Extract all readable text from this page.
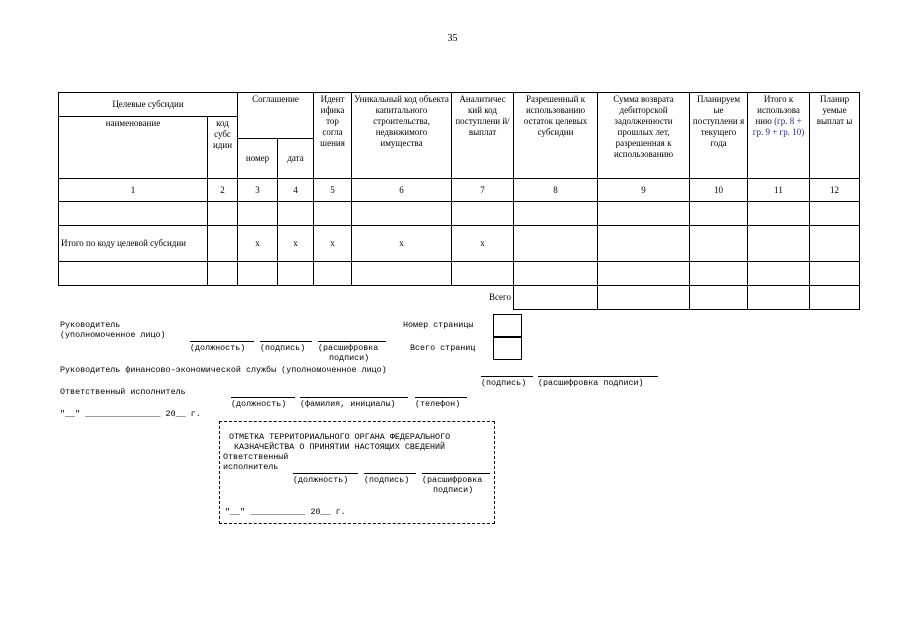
35
Целевые субсидии		Соглашение		Идент ифика тор согла шения	Уникальный код объекта капитального строительства, недвижимого имущества	Аналитичес кий код поступлени й/выплат	Разрешенный к использованию остаток целевых субсидии	Сумма возврата дебиторской задолженности прошлых лет, разрешенная к использованию	Планируем ые поступлени я текущего года	Итого к использова нию (гр. 8 + гр. 9 + гр. 10)	Планир уемые выплат ы
наименование	код субс идии										
		номер	дата								
1	2	3	4	5	6	7	8	9	10	11	12

Итого по коду целевой субсидии		x	x	x	x	x					

Всего											
Руководитель
(уполномоченное лицо)
(должность) (подпись) (расшифровка
подписи)
Номер страницы
Всего страниц
Руководитель финансово-экономической службы (уполномоченное лицо)
(подпись) (расшифровка подписи)
Ответственный исполнитель
(должность) (фамилия, инициалы) (телефон)
"__" _______________ 20__ г.
ОТМЕТКА ТЕРРИТОРИАЛЬНОГО ОРГАНА ФЕДЕРАЛЬНОГО
КАЗНАЧЕЙСТВА О ПРИНЯТИИ НАСТОЯЩИХ СВЕДЕНИЙ
Ответственный
исполнитель
(должность) (подпись) (расшифровка
подписи)
"__" ___________ 20__ г.
